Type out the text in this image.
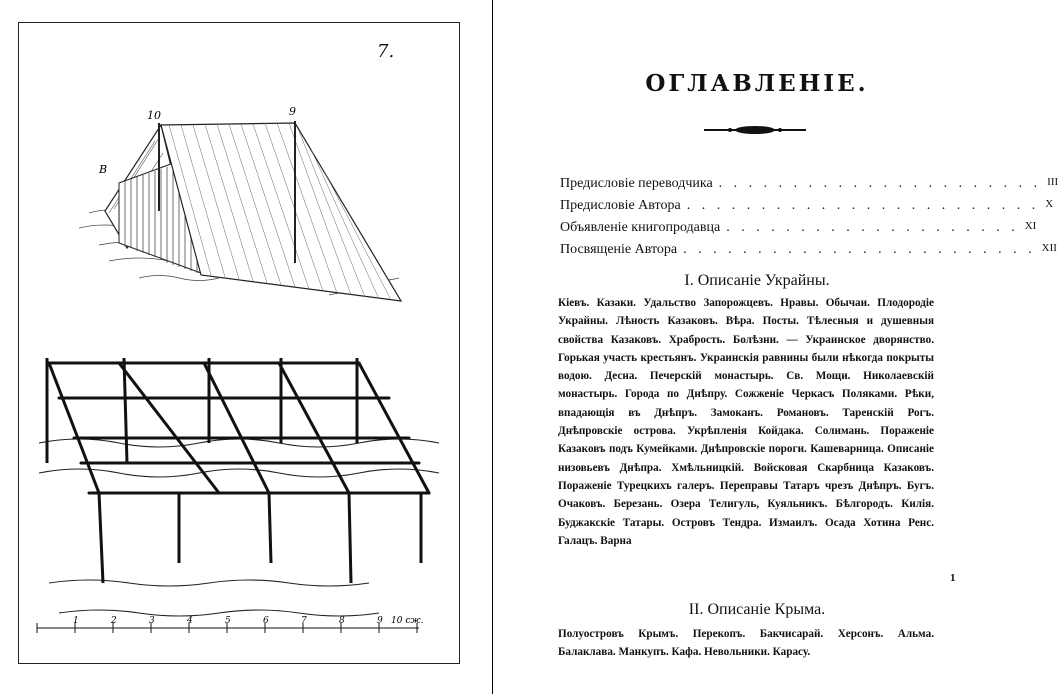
10	9
B
1	2	3	4	5	6	7	8	9 10 сж.
7.
ОГЛАВЛЕНIЕ.
Предисловiе переводчика . . . . . . . . . . . . . . . . . . . . . . III
Предисловiе Автора . . . . . . . . . . . . . . . . . . . . . . . . X
Объявленiе книгопродавца . . . . . . . . . . . . . . . . . . . . XI
Посвященiе Автора . . . . . . . . . . . . . . . . . . . . . . . . XII
I. Описанiе Украйны.
Кiевъ. Казаки. Удальство Запорожцевъ. Нравы. Обычаи. Плодородiе Украйны. Лѣность Казаковъ. Вѣра. Посты. Тѣлесныя и душевныя свойства Казаковъ. Храбрость. Болѣзни. — Украинское дворянство. Горькая участь крестьянъ. Украинскiя равнины были нѣкогда покрыты водою. Десна. Печерскiй монастырь. Св. Мощи. Николаевскiй монастырь. Города по Днѣпру. Сожженiе Черкасъ Поляками. Рѣки, впадающiя въ Днѣпръ. Замоканъ. Романовъ. Таренскiй Рогъ. Днѣпровскiе острова. Укрѣпленiя Койдака. Солимань. Пораженiе Казаковъ подъ Кумейками. Днѣпровскiе пороги. Кашеварница. Описанiе низовьевъ Днѣпра. Хмѣльницкiй. Войсковая Скарбница Казаковъ. Пораженiе Турецкихъ галеръ. Переправы Татаръ чрезъ Днѣпръ. Бугъ. Очаковъ. Березань. Озера Телигуль, Куяльникъ. Бѣлгородъ. Килiя. Буджакскiе Татары. Островъ Тендра. Измаилъ. Осада Хотина Ренс. Галацъ. Варна
1
II. Описанiе Крыма.
Полуостровъ Крымъ. Перекопъ. Бакчисарай. Херсонъ. Альма. Балаклава. Манкупъ. Кафа. Невольники. Карасу.
